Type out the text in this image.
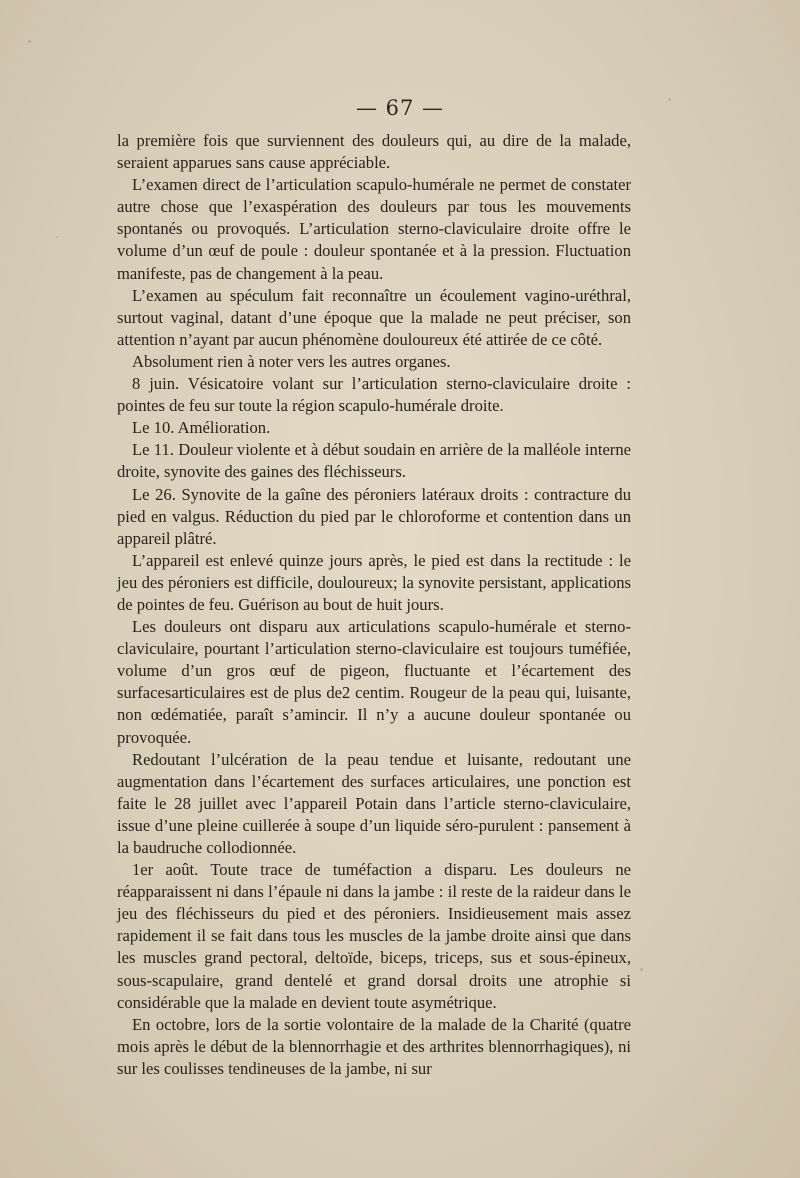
— 67 —

la première fois que surviennent des douleurs qui, au dire de la malade, seraient apparues sans cause appréciable.

L’examen direct de l’articulation scapulo-humérale ne permet de constater autre chose que l’exaspération des douleurs par tous les mouvements spontanés ou provoqués. L’articulation sterno-claviculaire droite offre le volume d’un œuf de poule : douleur spontanée et à la pression. Fluctuation manifeste, pas de changement à la peau.

L’examen au spéculum fait reconnaître un écoulement vagino-uréthral, surtout vaginal, datant d’une époque que la malade ne peut préciser, son attention n’ayant par aucun phénomène douloureux été attirée de ce côté.

Absolument rien à noter vers les autres organes.

8 juin. Vésicatoire volant sur l’articulation sterno-claviculaire droite : pointes de feu sur toute la région scapulo-humérale droite.

Le 10. Amélioration.

Le 11. Douleur violente et à début soudain en arrière de la malléole interne droite, synovite des gaines des fléchisseurs.

Le 26. Synovite de la gaîne des péroniers latéraux droits : contracture du pied en valgus. Réduction du pied par le chloroforme et contention dans un appareil plâtré.

L’appareil est enlevé quinze jours après, le pied est dans la rectitude : le jeu des péroniers est difficile, douloureux; la synovite persistant, applications de pointes de feu. Guérison au bout de huit jours.

Les douleurs ont disparu aux articulations scapulo-humérale et sterno-claviculaire, pourtant l’articulation sterno-claviculaire est toujours tuméfiée, volume d’un gros œuf de pigeon, fluctuante et l’écartement des surfacesarticulaires est de plus de2 centim. Rougeur de la peau qui, luisante, non œdématiée, paraît s’amincir. Il n’y a aucune douleur spontanée ou provoquée.

Redoutant l’ulcération de la peau tendue et luisante, redoutant une augmentation dans l’écartement des surfaces articulaires, une ponction est faite le 28 juillet avec l’appareil Potain dans l’article sterno-claviculaire, issue d’une pleine cuillerée à soupe d’un liquide séro-purulent : pansement à la baudruche collodionnée.

1er août. Toute trace de tuméfaction a disparu. Les douleurs ne réapparaissent ni dans l’épaule ni dans la jambe : il reste de la raideur dans le jeu des fléchisseurs du pied et des péroniers. Insidieusement mais assez rapidement il se fait dans tous les muscles de la jambe droite ainsi que dans les muscles grand pectoral, deltoïde, biceps, triceps, sus et sous-épineux, sous-scapulaire, grand dentelé et grand dorsal droits une atrophie si considérable que la malade en devient toute asymétrique.

En octobre, lors de la sortie volontaire de la malade de la Charité (quatre mois après le début de la blennorrhagie et des arthrites blennorrhagiques), ni sur les coulisses tendineuses de la jambe, ni sur
